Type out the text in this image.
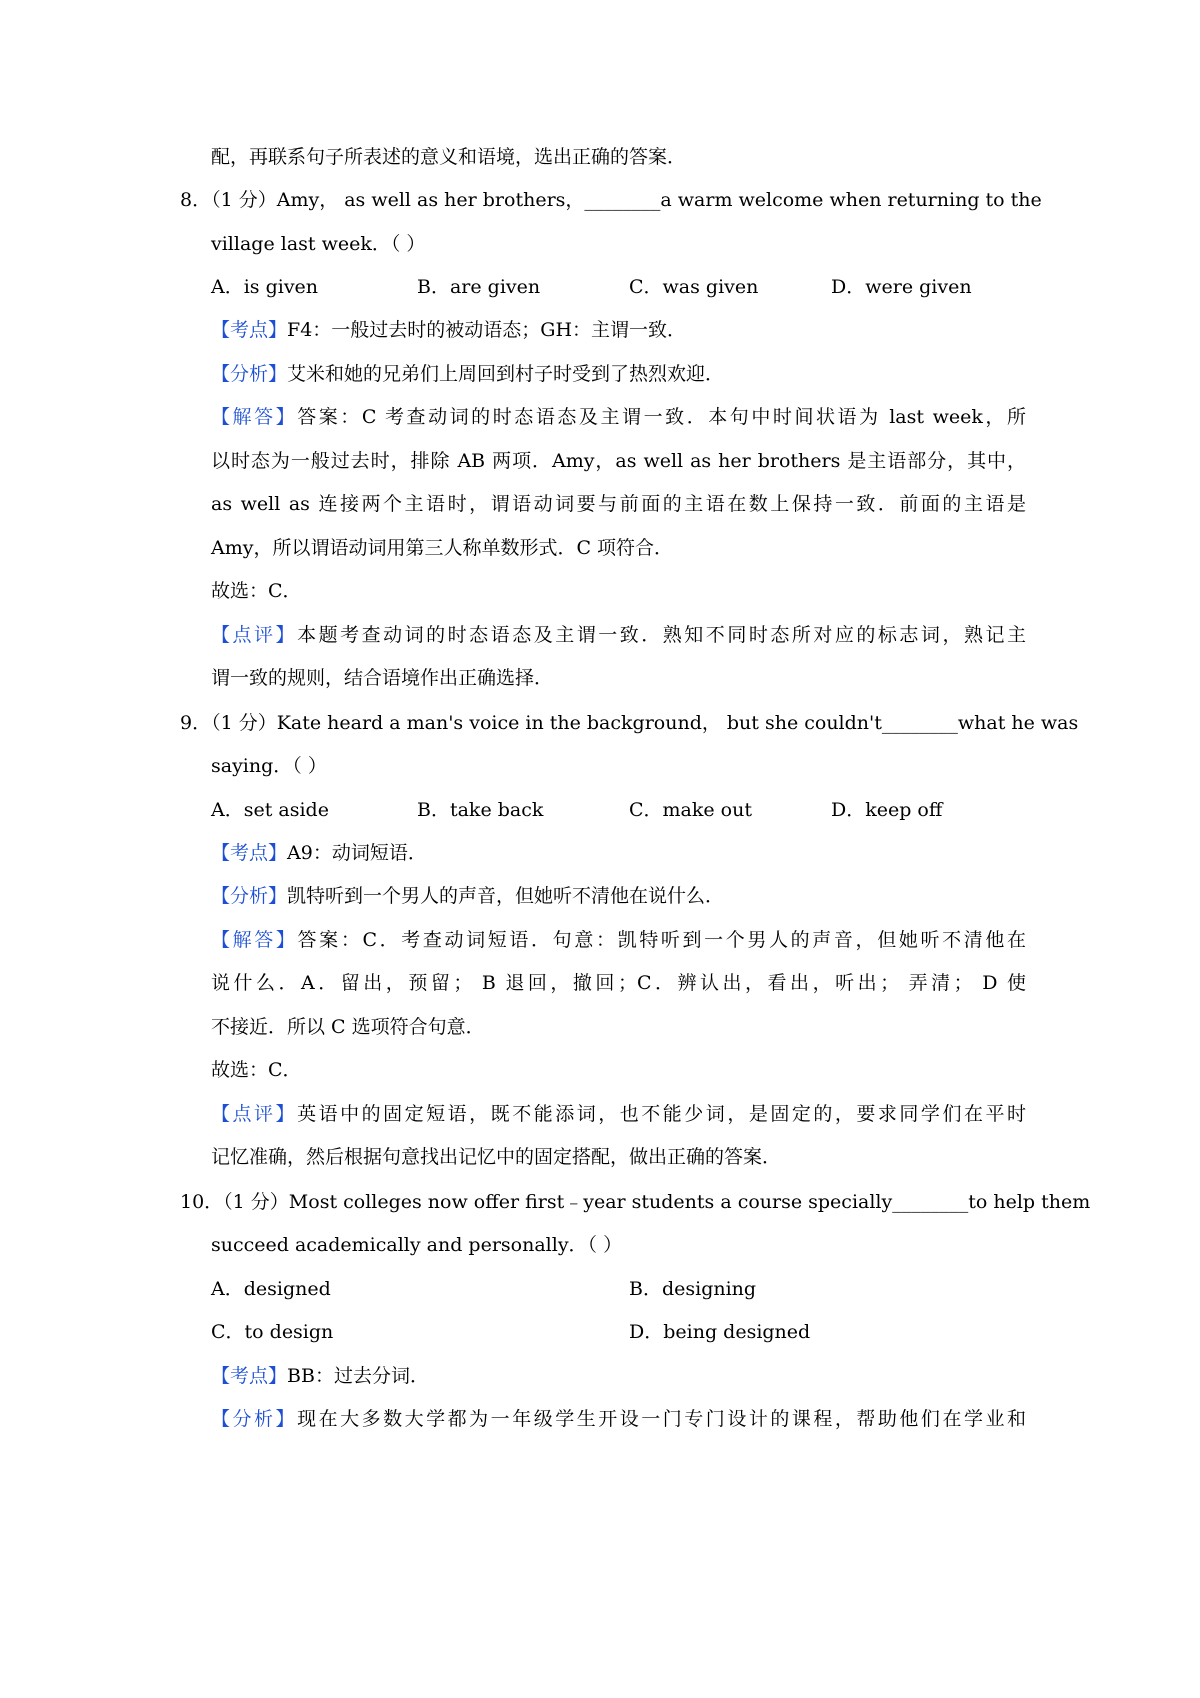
配，再联系句子所表述的意义和语境，选出正确的答案．
8．（1 分）Amy， as well as her brothers，________a warm welcome when returning to the
village last week．（ ）
A．is given	B．are given	C．was given	D．were given
【考点】F4：一般过去时的被动语态；GH：主谓一致．
【分析】艾米和她的兄弟们上周回到村子时受到了热烈欢迎．
【解答】答案：C 考查动词的时态语态及主谓一致．本句中时间状语为 last week，所
以时态为一般过去时，排除 AB 两项．Amy，as well as her brothers 是主语部分，其中，
as well as 连接两个主语时，谓语动词要与前面的主语在数上保持一致．前面的主语是
Amy，所以谓语动词用第三人称单数形式．C 项符合．
故选：C．
【点评】本题考查动词的时态语态及主谓一致．熟知不同时态所对应的标志词，熟记主
谓一致的规则，结合语境作出正确选择．
9．（1 分）Kate heard a man's voice in the background， but she couldn't________what he was
saying．（ ）
A．set aside	B．take back	C．make out	D．keep off
【考点】A9：动词短语．
【分析】凯特听到一个男人的声音，但她听不清他在说什么．
【解答】答案：C．考查动词短语．句意：凯特听到一个男人的声音，但她听不清他在
说什么．A．留出，预留； B 退回，撤回；C．辨认出，看出，听出； 弄清； D 使
不接近．所以 C 选项符合句意．
故选：C．
【点评】英语中的固定短语，既不能添词，也不能少词，是固定的，要求同学们在平时
记忆准确，然后根据句意找出记忆中的固定搭配，做出正确的答案．
10．（1 分）Most colleges now offer first﹣year students a course specially________to help them
succeed academically and personally．（ ）
A．designed	B．designing
C．to design	D．being designed
【考点】BB：过去分词．
【分析】现在大多数大学都为一年级学生开设一门专门设计的课程，帮助他们在学业和
